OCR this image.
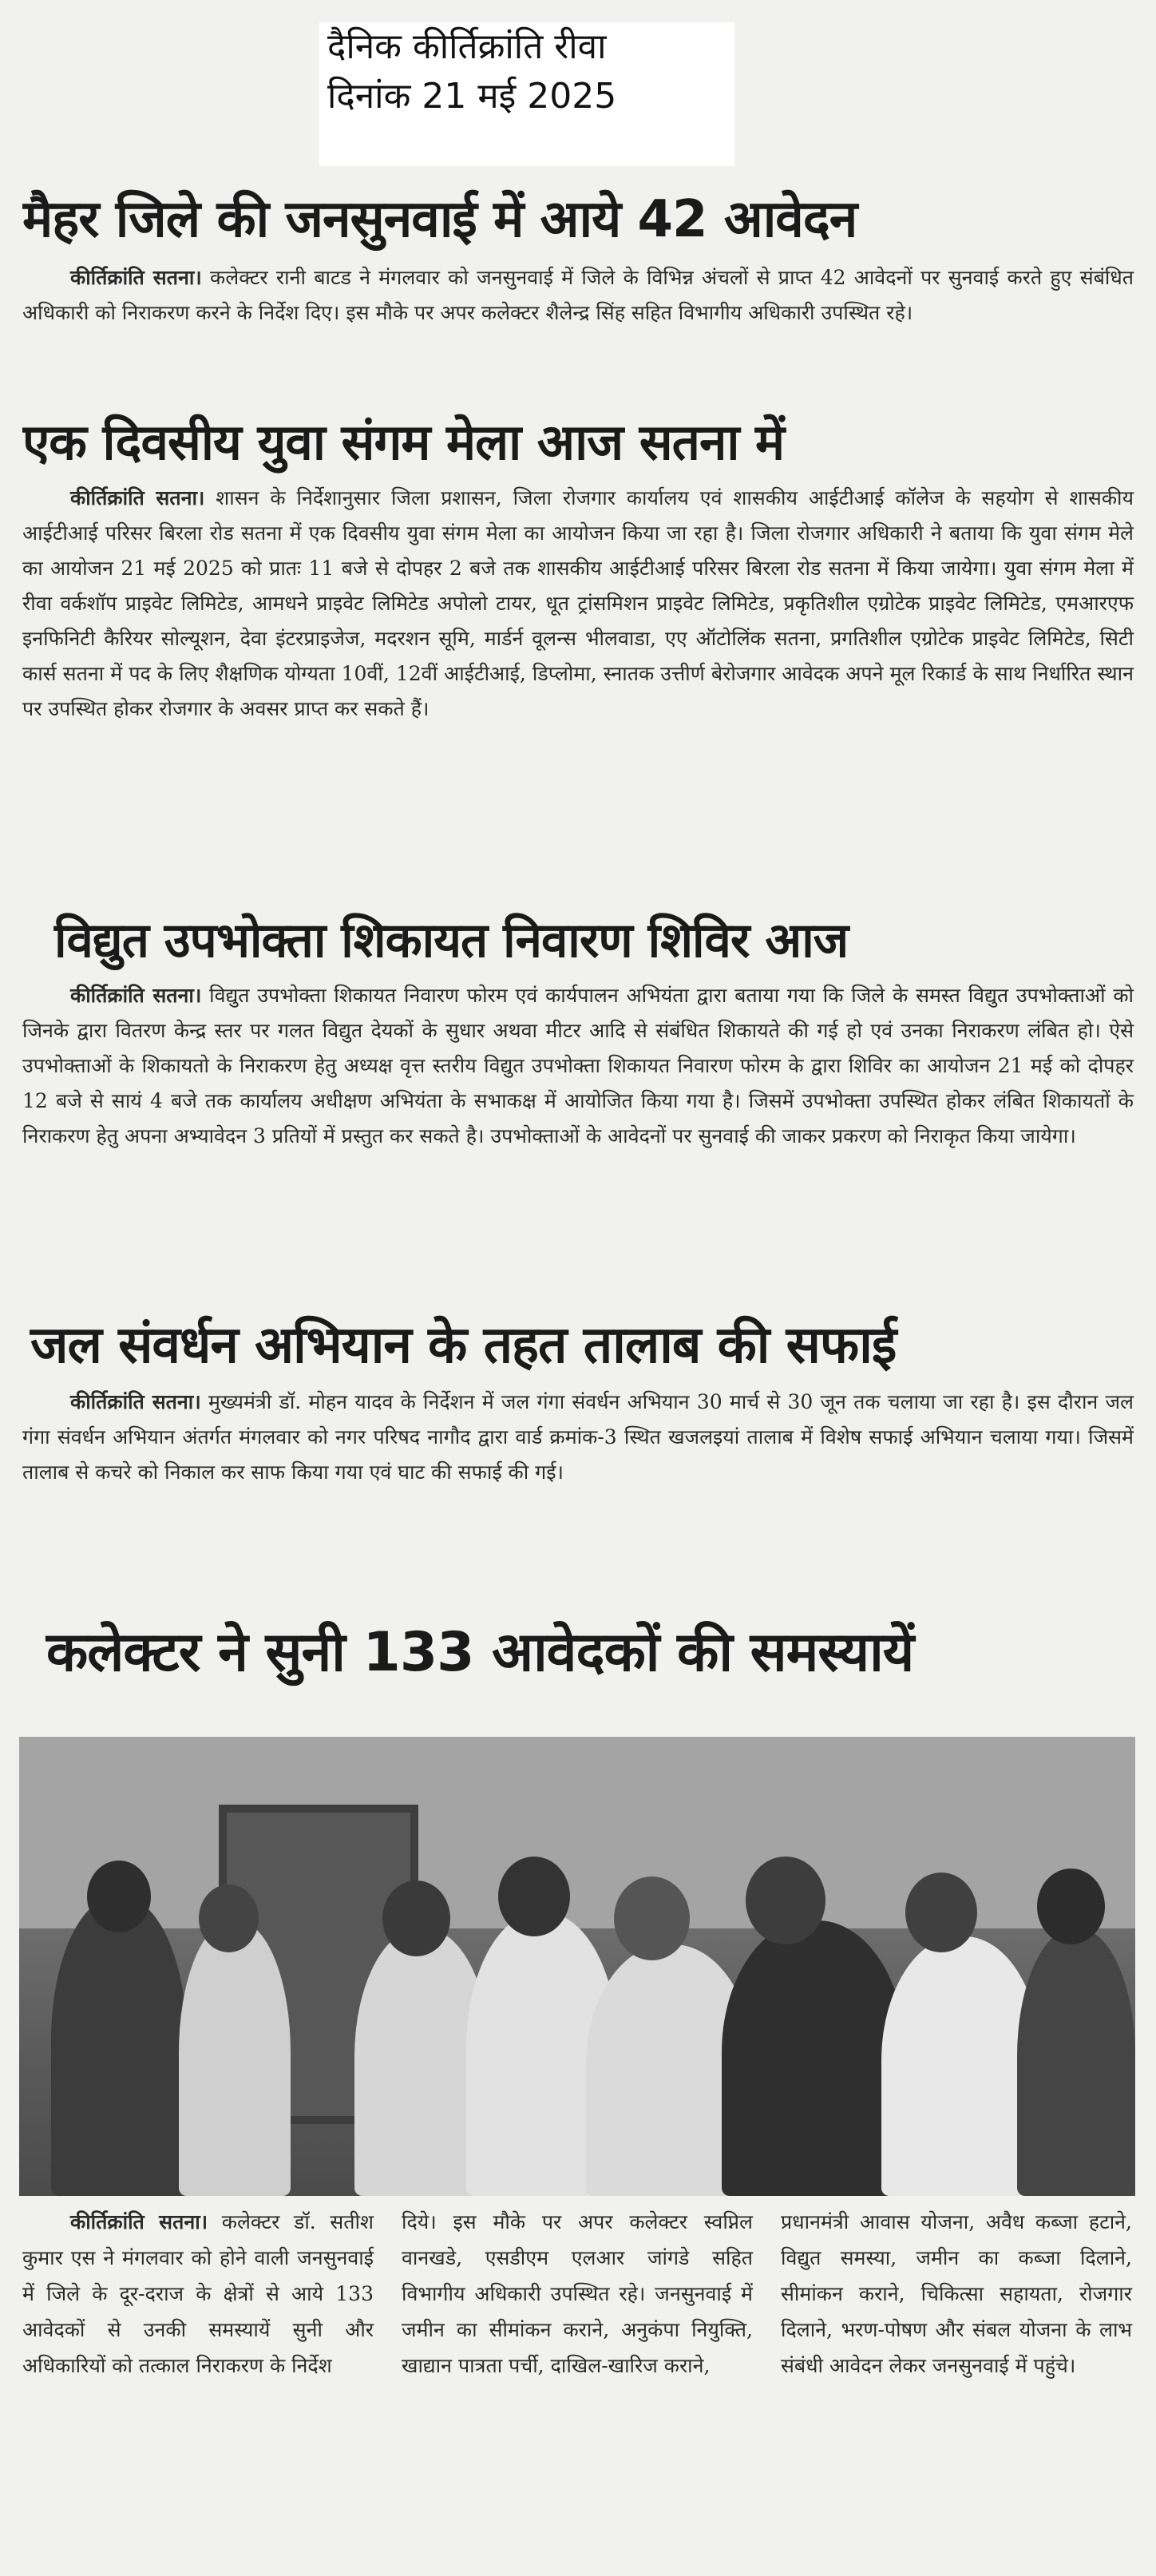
दैनिक कीर्तिक्रांति रीवा
दिनांक 21 मई 2025
मैहर जिले की जनसुनवाई में आये 42 आवेदन

कीर्तिक्रांति सतना। कलेक्टर रानी बाटड ने मंगलवार को जनसुनवाई में जिले के विभिन्न अंचलों से प्राप्त 42 आवेदनों पर सुनवाई करते हुए संबंधित अधिकारी को निराकरण करने के निर्देश दिए। इस मौके पर अपर कलेक्टर शैलेन्द्र सिंह सहित विभागीय अधिकारी उपस्थित रहे।

एक दिवसीय युवा संगम मेला आज सतना में

कीर्तिक्रांति सतना। शासन के निर्देशानुसार जिला प्रशासन, जिला रोजगार कार्यालय एवं शासकीय आईटीआई कॉलेज के सहयोग से शासकीय आईटीआई परिसर बिरला रोड सतना में एक दिवसीय युवा संगम मेला का आयोजन किया जा रहा है। जिला रोजगार अधिकारी ने बताया कि युवा संगम मेले का आयोजन 21 मई 2025 को प्रातः 11 बजे से दोपहर 2 बजे तक शासकीय आईटीआई परिसर बिरला रोड सतना में किया जायेगा। युवा संगम मेला में रीवा वर्कशॉप प्राइवेट लिमिटेड, आमधने प्राइवेट लिमिटेड अपोलो टायर, धूत ट्रांसमिशन प्राइवेट लिमिटेड, प्रकृतिशील एग्रोटेक प्राइवेट लिमिटेड, एमआरएफ इनफिनिटी कैरियर सोल्यूशन, देवा इंटरप्राइजेज, मदरशन सूमि, मार्डर्न वूलन्स भीलवाडा, एए ऑटोलिंक सतना, प्रगतिशील एग्रोटेक प्राइवेट लिमिटेड, सिटी कार्स सतना में पद के लिए शैक्षणिक योग्यता 10वीं, 12वीं आईटीआई, डिप्लोमा, स्नातक उत्तीर्ण बेरोजगार आवेदक अपने मूल रिकार्ड के साथ निर्धारित स्थान पर उपस्थित होकर रोजगार के अवसर प्राप्त कर सकते हैं।

विद्युत उपभोक्ता शिकायत निवारण शिविर आज

कीर्तिक्रांति सतना। विद्युत उपभोक्ता शिकायत निवारण फोरम एवं कार्यपालन अभियंता द्वारा बताया गया कि जिले के समस्त विद्युत उपभोक्ताओं को जिनके द्वारा वितरण केन्द्र स्तर पर गलत विद्युत देयकों के सुधार अथवा मीटर आदि से संबंधित शिकायते की गई हो एवं उनका निराकरण लंबित हो। ऐसे उपभोक्ताओं के शिकायतो के निराकरण हेतु अध्यक्ष वृत्त स्तरीय विद्युत उपभोक्ता शिकायत निवारण फोरम के द्वारा शिविर का आयोजन 21 मई को दोपहर 12 बजे से सायं 4 बजे तक कार्यालय अधीक्षण अभियंता के सभाकक्ष में आयोजित किया गया है। जिसमें उपभोक्ता उपस्थित होकर लंबित शिकायतों के निराकरण हेतु अपना अभ्यावेदन 3 प्रतियों में प्रस्तुत कर सकते है। उपभोक्ताओं के आवेदनों पर सुनवाई की जाकर प्रकरण को निराकृत किया जायेगा।

जल संवर्धन अभियान के तहत तालाब की सफाई

कीर्तिक्रांति सतना। मुख्यमंत्री डॉ. मोहन यादव के निर्देशन में जल गंगा संवर्धन अभियान 30 मार्च से 30 जून तक चलाया जा रहा है। इस दौरान जल गंगा संवर्धन अभियान अंतर्गत मंगलवार को नगर परिषद नागौद द्वारा वार्ड क्रमांक-3 स्थित खजलइयां तालाब में विशेष सफाई अभियान चलाया गया। जिसमें तालाब से कचरे को निकाल कर साफ किया गया एवं घाट की सफाई की गई।

कलेक्टर ने सुनी 133 आवेदकों की समस्यायें

कीर्तिक्रांति सतना। कलेक्टर डॉ. सतीश कुमार एस ने मंगलवार को होने वाली जनसुनवाई में जिले के दूर-दराज के क्षेत्रों से आये 133 आवेदकों से उनकी समस्यायें सुनी और अधिकारियों को तत्काल निराकरण के निर्देश

दिये। इस मौके पर अपर कलेक्टर स्वप्निल वानखडे, एसडीएम एलआर जांगडे सहित विभागीय अधिकारी उपस्थित रहे। जनसुनवाई में जमीन का सीमांकन कराने, अनुकंपा नियुक्ति, खाद्यान पात्रता पर्ची, दाखिल-खारिज कराने,

प्रधानमंत्री आवास योजना, अवैध कब्जा हटाने, विद्युत समस्या, जमीन का कब्जा दिलाने, सीमांकन कराने, चिकित्सा सहायता, रोजगार दिलाने, भरण-पोषण और संबल योजना के लाभ संबंधी आवेदन लेकर जनसुनवाई में पहुंचे।
